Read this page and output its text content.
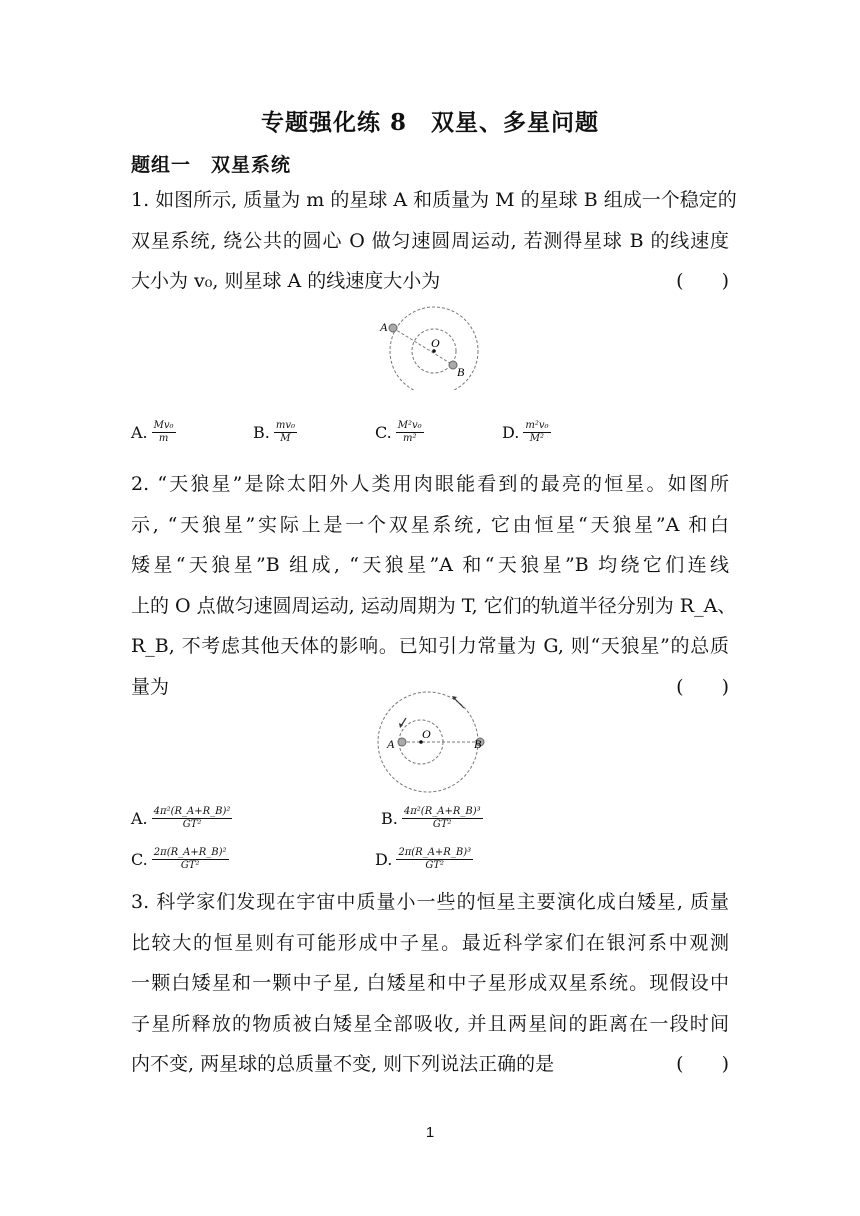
专题强化练 8　双星、多星问题
题组一　双星系统
1. 如图所示, 质量为 m 的星球 A 和质量为 M 的星球 B 组成一个稳定的
双星系统, 绕公共的圆心 O 做匀速圆周运动, 若测得星球 B 的线速度
大小为 v₀, 则星球 A 的线速度大小为	(　　)
A
O
B
A. $\frac{\text{Mv₀}}{m}$	B. $\frac{\text{mv₀}}{M}$	C. $\frac{\text{M²v₀}}{\text{m²}}$	D. $\frac{\text{m²v₀}}{\text{M²}}$
2. “天狼星”是除太阳外人类用肉眼能看到的最亮的恒星。如图所
示, “天狼星”实际上是一个双星系统, 它由恒星“天狼星”A 和白
矮星“天狼星”B 组成, “天狼星”A 和“天狼星”B 均绕它们连线
上的 O 点做匀速圆周运动, 运动周期为 T, 它们的轨道半径分别为 R_A、
R_B, 不考虑其他天体的影响。已知引力常量为 G, 则“天狼星”的总质
量为	(　　)
A
O
B
A. $\frac{\text{4π²(R\_A+R\_B)²}}{\text{GT²}}$	B. $\frac{\text{4π²(R\_A+R\_B)³}}{\text{GT²}}$
C. $\frac{\text{2π(R\_A+R\_B)²}}{\text{GT²}}$	D. $\frac{\text{2π(R\_A+R\_B)³}}{\text{GT²}}$
3. 科学家们发现在宇宙中质量小一些的恒星主要演化成白矮星, 质量
比较大的恒星则有可能形成中子星。最近科学家们在银河系中观测
一颗白矮星和一颗中子星, 白矮星和中子星形成双星系统。现假设中
子星所释放的物质被白矮星全部吸收, 并且两星间的距离在一段时间
内不变, 两星球的总质量不变, 则下列说法正确的是	(　　)
1
